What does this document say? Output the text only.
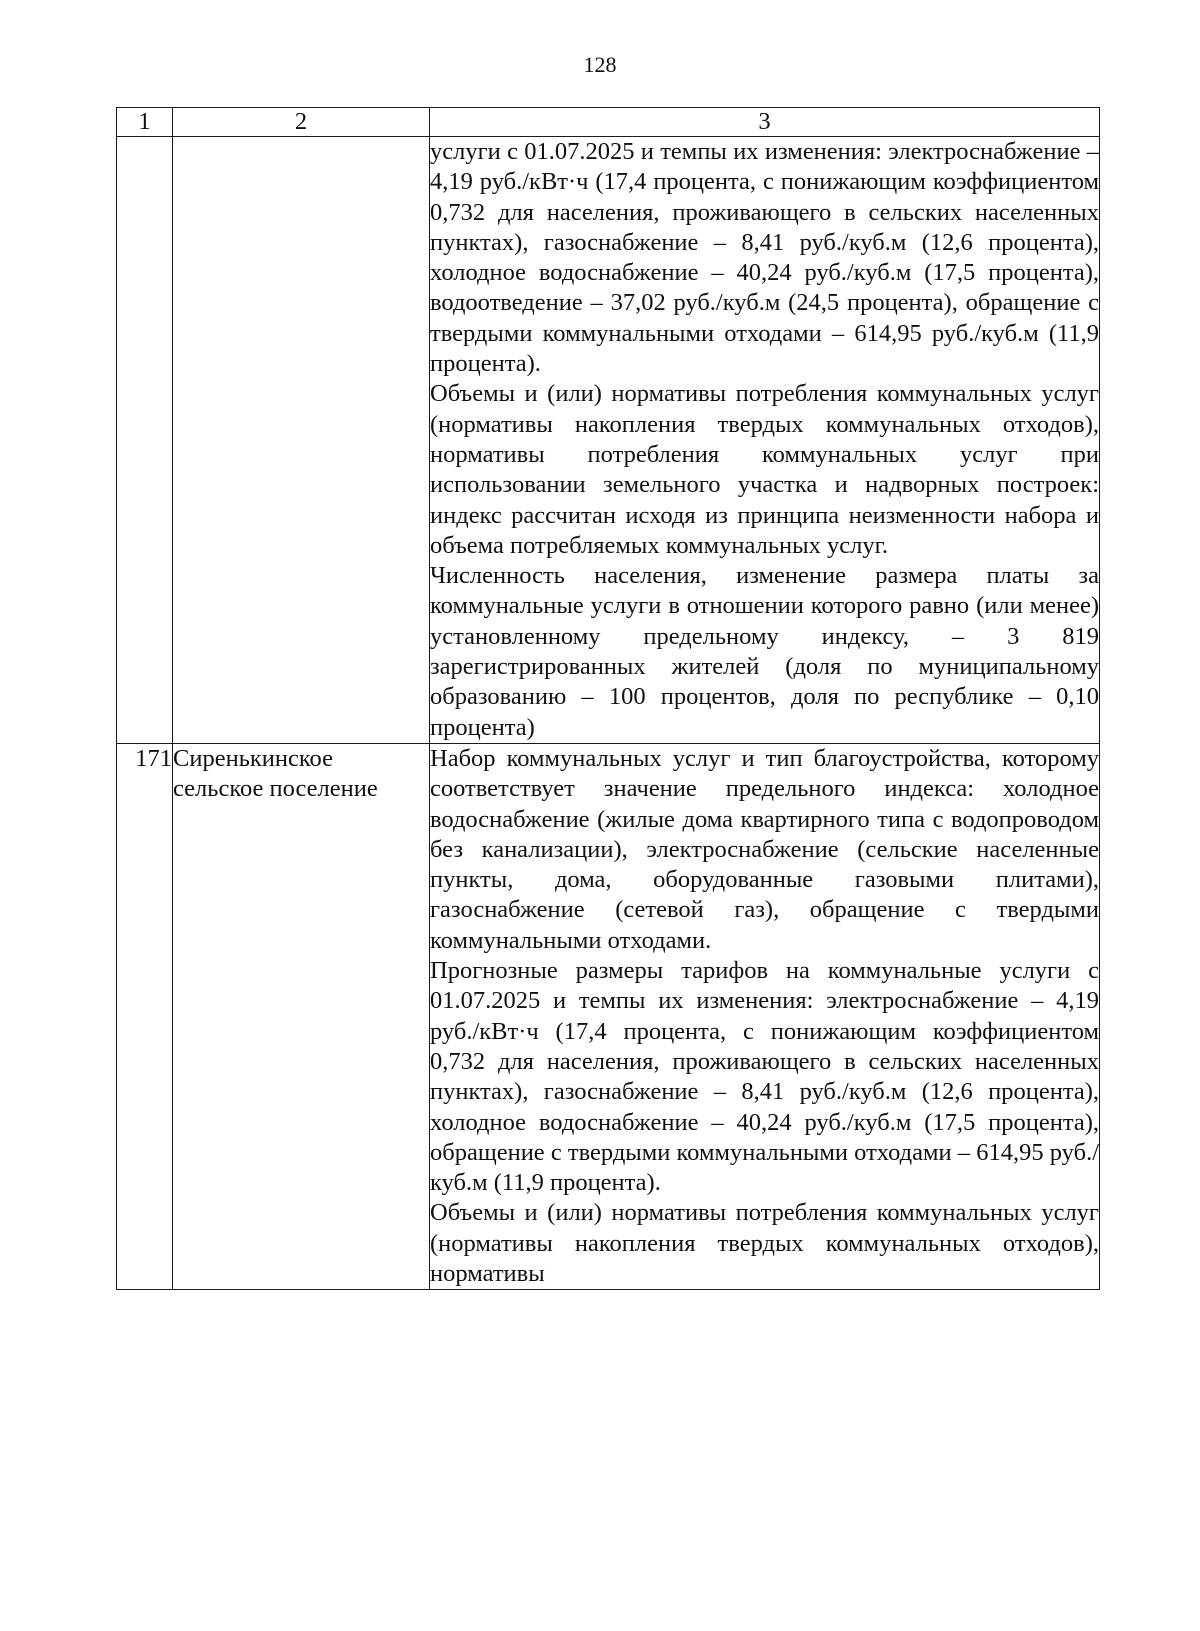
128
1	2	3

		услуги с 01.07.2025 и темпы их изменения: электроснабжение – 4,19 руб./кВт·ч (17,4 процента, с понижающим коэффициентом 0,732 для населения, проживающего в сельских населенных пунктах), газоснабжение – 8,41 руб./куб.м (12,6 процента), холодное водоснабжение – 40,24 руб./куб.м (17,5 процента), водоотведение – 37,02 руб./куб.м (24,5 процента), обращение с твердыми коммунальными отходами – 614,95 руб./куб.м (11,9 процента).
Объемы и (или) нормативы потребления коммунальных услуг (нормативы накопления твердых коммунальных отходов), нормативы потребления коммунальных услуг при использовании земельного участка и надворных построек: индекс рассчитан исходя из принципа неизменности набора и объема потребляемых коммунальных услуг.
Численность населения, изменение размера платы за коммунальные услуги в отношении которого равно (или менее) установленному предельному индексу, – 3 819 зарегистрированных жителей (доля по муниципальному образованию – 100 процентов, доля по республике – 0,10 процента)

171	Сиренькинское сельское поселение	Набор коммунальных услуг и тип благоустройства, которому соответствует значение предельного индекса: холодное водоснабжение (жилые дома квартирного типа с водопроводом без канализации), электроснабжение (сельские населенные пункты, дома, оборудованные газовыми плитами), газоснабжение (сетевой газ), обращение с твердыми коммунальными отходами.
Прогнозные размеры тарифов на коммунальные услуги с 01.07.2025 и темпы их изменения: электроснабжение – 4,19 руб./кВт·ч (17,4 процента, с понижающим коэффициентом 0,732 для населения, проживающего в сельских населенных пунктах), газоснабжение – 8,41 руб./куб.м (12,6 процента), холодное водоснабжение – 40,24 руб./куб.м (17,5 процента), обращение с твердыми коммунальными отходами – 614,95 руб./куб.м (11,9 процента).
Объемы и (или) нормативы потребления коммунальных услуг (нормативы накопления твердых коммунальных отходов), нормативы
